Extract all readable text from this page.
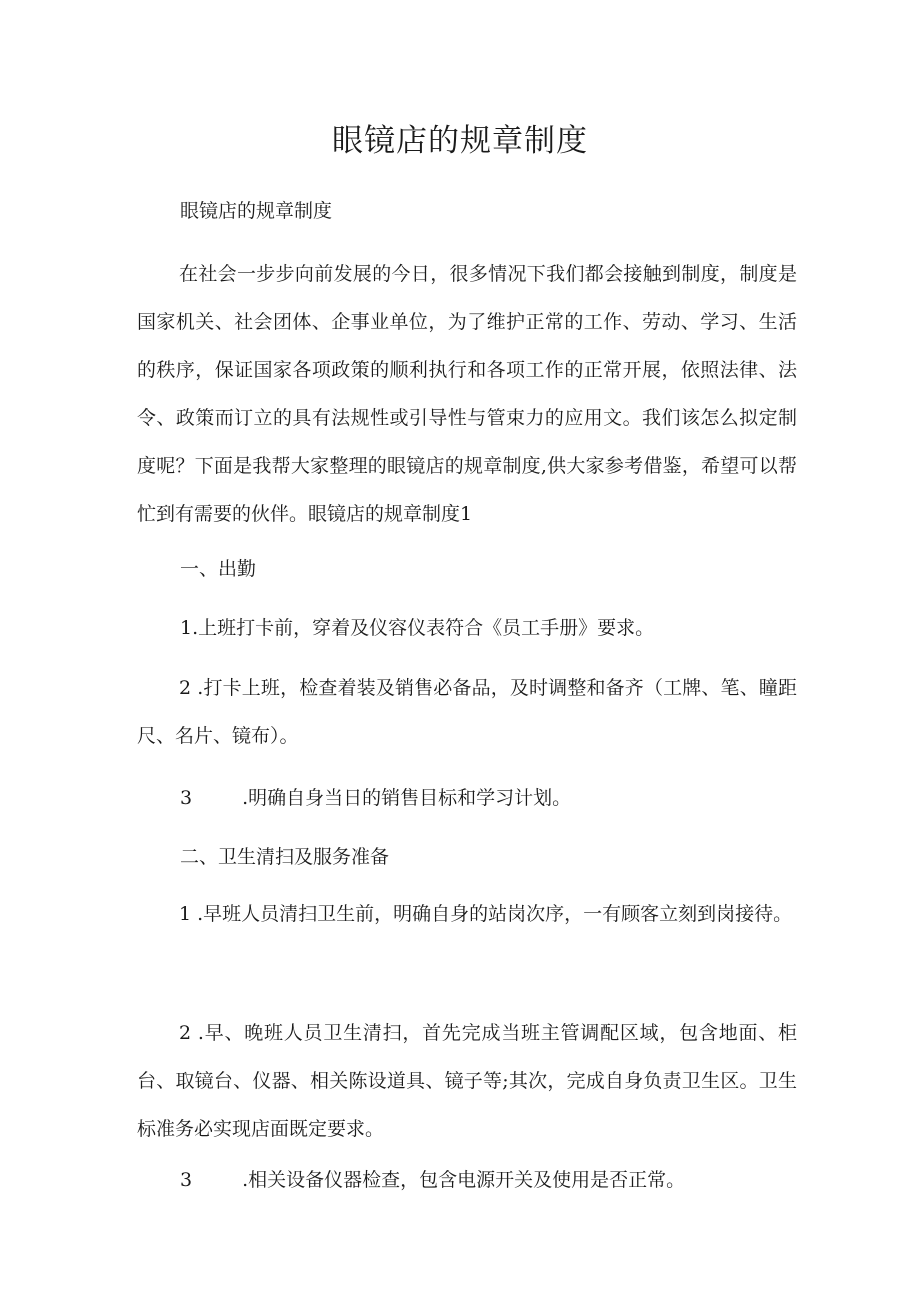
眼镜店的规章制度
眼镜店的规章制度

在社会一步步向前发展的今日，很多情况下我们都会接触到制度，制度是国家机关、社会团体、企事业单位，为了维护正常的工作、劳动、学习、生活的秩序，保证国家各项政策的顺利执行和各项工作的正常开展，依照法律、法令、政策而订立的具有法规性或引导性与管束力的应用文。我们该怎么拟定制度呢？下面是我帮大家整理的眼镜店的规章制度,供大家参考借鉴，希望可以帮忙到有需要的伙伴。眼镜店的规章制度1

一、出勤
1.上班打卡前，穿着及仪容仪表符合《员工手册》要求。

2 .打卡上班，检查着装及销售必备品，及时调整和备齐（工牌、笔、瞳距尺、名片、镜布）。

3	.明确自身当日的销售目标和学习计划。
二、卫生清扫及服务准备

1 .早班人员清扫卫生前，明确自身的站岗次序，一有顾客立刻到岗接待。

2 .早、晚班人员卫生清扫，首先完成当班主管调配区域，包含地面、柜台、取镜台、仪器、相关陈设道具、镜子等;其次，完成自身负责卫生区。卫生标准务必实现店面既定要求。

3	.相关设备仪器检查，包含电源开关及使用是否正常。
